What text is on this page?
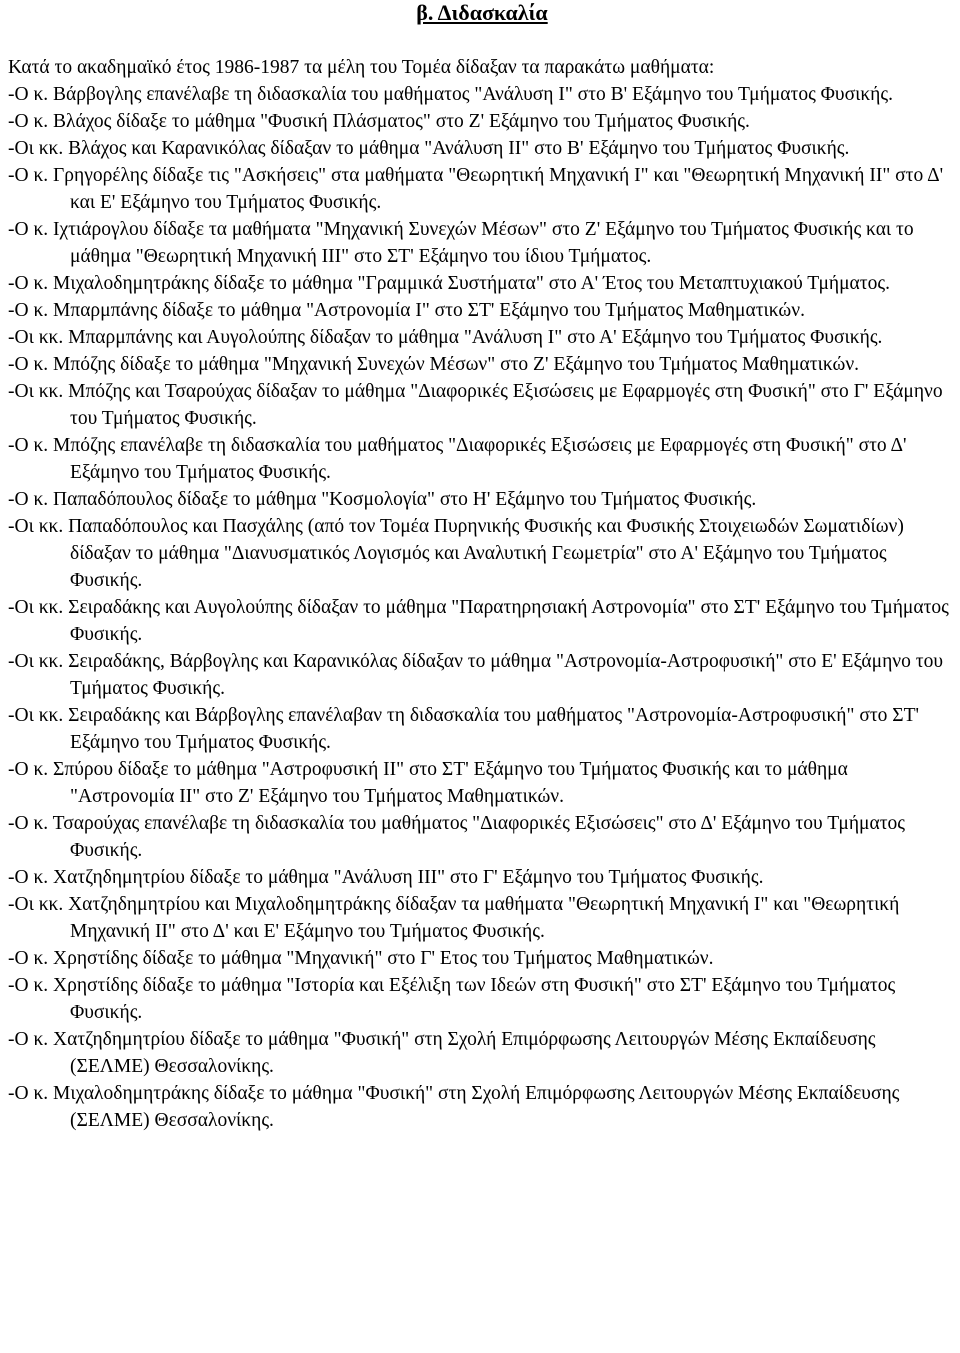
β. Διδασκαλία

Κατά το ακαδημαϊκό έτος 1986-1987 τα μέλη του Τομέα δίδαξαν τα παρακάτω μαθήματα:

-Ο κ. Βάρβογλης επανέλαβε τη διδασκαλία του μαθήματος "Ανάλυση Ι" στο Β' Εξάμηνο του Τμήματος Φυσικής.
-Ο κ. Βλάχος δίδαξε το μάθημα "Φυσική Πλάσματος" στο Ζ' Εξάμηνο του Τμήματος Φυσικής.
-Οι κκ. Βλάχος και Καρανικόλας δίδαξαν το μάθημα "Ανάλυση ΙΙ" στο Β' Εξάμηνο του Τμήματος Φυσικής.
-Ο κ. Γρηγορέλης δίδαξε τις "Ασκήσεις" στα μαθήματα "Θεωρητική Μηχανική Ι" και "Θεωρητική Μηχανική ΙΙ" στο Δ' και Ε' Εξάμηνο του Τμήματος Φυσικής.
-Ο κ. Ιχτιάρογλου δίδαξε τα μαθήματα "Μηχανική Συνεχών Μέσων" στο Ζ' Εξάμηνο του Τμήματος Φυσικής και το μάθημα "Θεωρητική Μηχανική ΙΙΙ" στο ΣΤ' Εξάμηνο του ίδιου Τμήματος.
-Ο κ. Μιχαλοδημητράκης δίδαξε το μάθημα "Γραμμικά Συστήματα" στο Α' Έτος του Μεταπτυχιακού Τμήματος.
-Ο κ. Μπαρμπάνης δίδαξε το μάθημα "Αστρονομία Ι" στο ΣΤ' Εξάμηνο του Τμήματος Μαθηματικών.
-Οι κκ. Μπαρμπάνης και Αυγολούπης δίδαξαν το μάθημα "Ανάλυση Ι" στο Α' Εξάμηνο του Τμήματος Φυσικής.
-Ο κ. Μπόζης δίδαξε το μάθημα "Μηχανική Συνεχών Μέσων" στο Ζ' Εξάμηνο του Τμήματος Μαθηματικών.
-Οι κκ. Μπόζης και Τσαρούχας δίδαξαν το μάθημα "Διαφορικές Εξισώσεις με Εφαρμογές στη Φυσική" στο Γ' Εξάμηνο του Τμήματος Φυσικής.
-Ο κ. Μπόζης επανέλαβε τη διδασκαλία του μαθήματος "Διαφορικές Εξισώσεις με Εφαρμογές στη Φυσική" στο Δ' Εξάμηνο του Τμήματος Φυσικής.
-Ο κ. Παπαδόπουλος δίδαξε το μάθημα "Κοσμολογία" στο Η' Εξάμηνο του Τμήματος Φυσικής.
-Οι κκ. Παπαδόπουλος και Πασχάλης (από τον Τομέα Πυρηνικής Φυσικής και Φυσικής Στοιχειωδών Σωματιδίων) δίδαξαν το μάθημα "Διανυσματικός Λογισμός και Αναλυτική Γεωμετρία" στο Α' Εξάμηνο του Τμήματος Φυσικής.
-Οι κκ. Σειραδάκης και Αυγολούπης δίδαξαν το μάθημα "Παρατηρησιακή Αστρονομία" στο ΣΤ' Εξάμηνο του Τμήματος Φυσικής.
-Οι κκ. Σειραδάκης, Βάρβογλης και Καρανικόλας δίδαξαν το μάθημα "Αστρονομία-Αστροφυσική" στο Ε' Εξάμηνο του Τμήματος Φυσικής.
-Οι κκ. Σειραδάκης και Βάρβογλης επανέλαβαν τη διδασκαλία του μαθήματος "Αστρονομία-Αστροφυσική" στο ΣΤ' Εξάμηνο του Τμήματος Φυσικής.
-Ο κ. Σπύρου δίδαξε το μάθημα "Αστροφυσική ΙΙ" στο ΣΤ' Εξάμηνο του Τμήματος Φυσικής και το μάθημα "Αστρονομία ΙΙ" στο Ζ' Εξάμηνο του Τμήματος Μαθηματικών.
-Ο κ. Τσαρούχας επανέλαβε τη διδασκαλία του μαθήματος "Διαφορικές Εξισώσεις" στο Δ' Εξάμηνο του Τμήματος Φυσικής.
-Ο κ. Χατζηδημητρίου δίδαξε το μάθημα "Ανάλυση ΙΙΙ" στο Γ' Εξάμηνο του Τμήματος Φυσικής.
-Οι κκ. Χατζηδημητρίου και Μιχαλοδημητράκης δίδαξαν τα μαθήματα "Θεωρητική Μηχανική Ι" και "Θεωρητική Μηχανική ΙΙ" στο Δ' και Ε' Εξάμηνο του Τμήματος Φυσικής.
-Ο κ. Χρηστίδης δίδαξε το μάθημα "Μηχανική" στο Γ' Ετος του Τμήματος Μαθηματικών.
-Ο κ. Χρηστίδης δίδαξε το μάθημα "Ιστορία και Εξέλιξη των Ιδεών στη Φυσική" στο ΣΤ' Εξάμηνο του Τμήματος Φυσικής.
-Ο κ. Χατζηδημητρίου δίδαξε το μάθημα "Φυσική" στη Σχολή Επιμόρφωσης Λειτουργών Μέσης Εκπαίδευσης (ΣΕΛΜΕ) Θεσσαλονίκης.
-Ο κ. Μιχαλοδημητράκης δίδαξε το μάθημα "Φυσική" στη Σχολή Επιμόρφωσης Λειτουργών Μέσης Εκπαίδευσης (ΣΕΛΜΕ) Θεσσαλονίκης.
